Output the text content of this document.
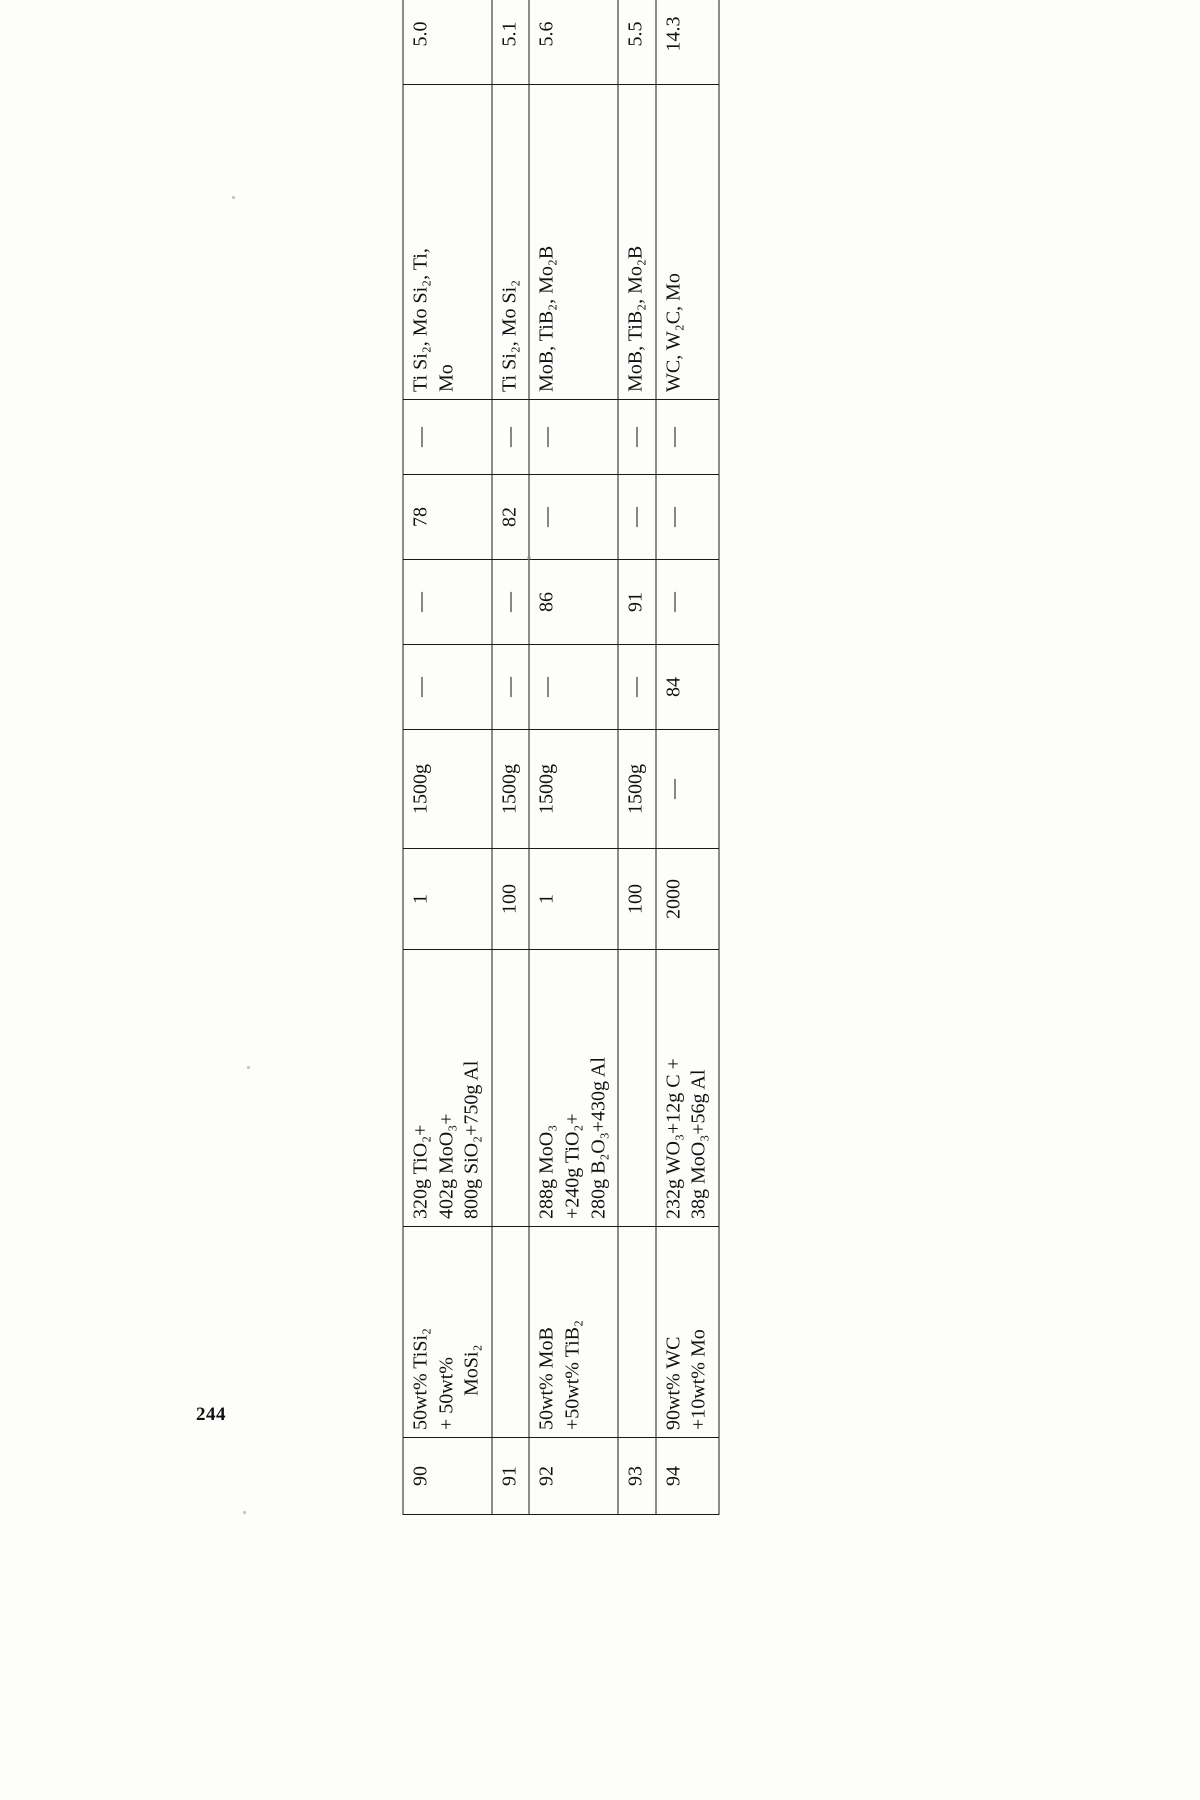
90	50wt% TiSi₂ + 50wt% MoSi₂	320g TiO₂+ 402g MoO₃+ 800g SiO₂+750g Al	1	1500g	—	—	78	—	Ti Si₂, Mo Si₂, Ti, Mo	5.0	
91			100	1500g	—	—	82	—	Ti Si₂, Mo Si₂	5.1	
92	50wt% MoB +50wt% TiB₂	288g MoO₃ +240g TiO₂+ 280g B₂O₃+430g Al	1	1500g	—	86	—	—	MoB, TiB₂, Mo₂B	5.6	
93			100	1500g	—	91	—	—	MoB, TiB₂, Mo₂B	5.5	
94	90wt% WC +10wt% Mo	232g WO₃+12g C + 38g MoO₃+56g Al	2000	—	84	—	—	—	WC, W₂C, Mo	14.3	
244
